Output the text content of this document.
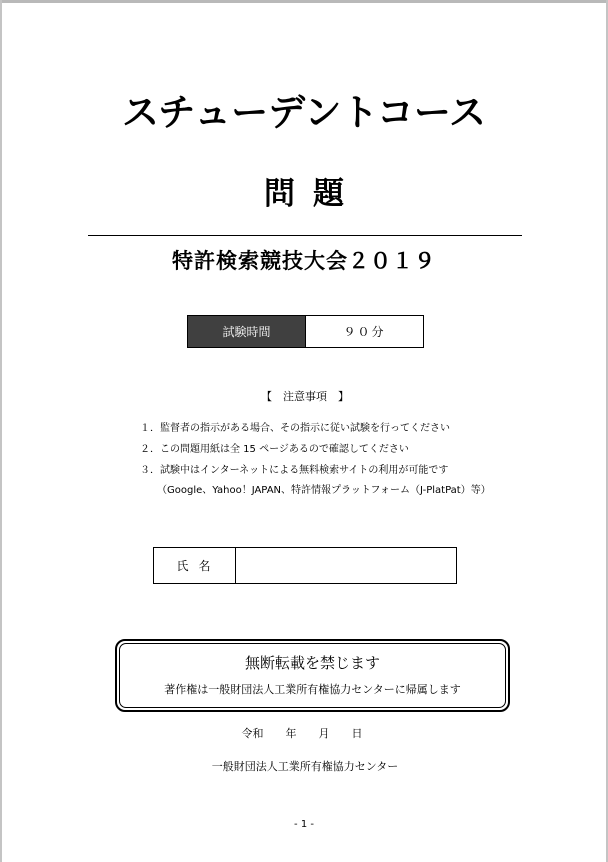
スチューデントコース
問題
特許検索競技大会２０１９
試験時間	９０分
【　注意事項　】
１．監督者の指示がある場合、その指示に従い試験を行ってください
２．この問題用紙は全 15 ページあるので確認してください
３．試験中はインターネットによる無料検索サイトの利用が可能です
（Google、Yahoo！JAPAN、特許情報プラットフォーム（J-PlatPat）等）
氏名
無断転載を禁じます
著作権は一般財団法人工業所有権協力センターに帰属します
令和 年 月 日
一般財団法人工業所有権協力センター
- 1 -
